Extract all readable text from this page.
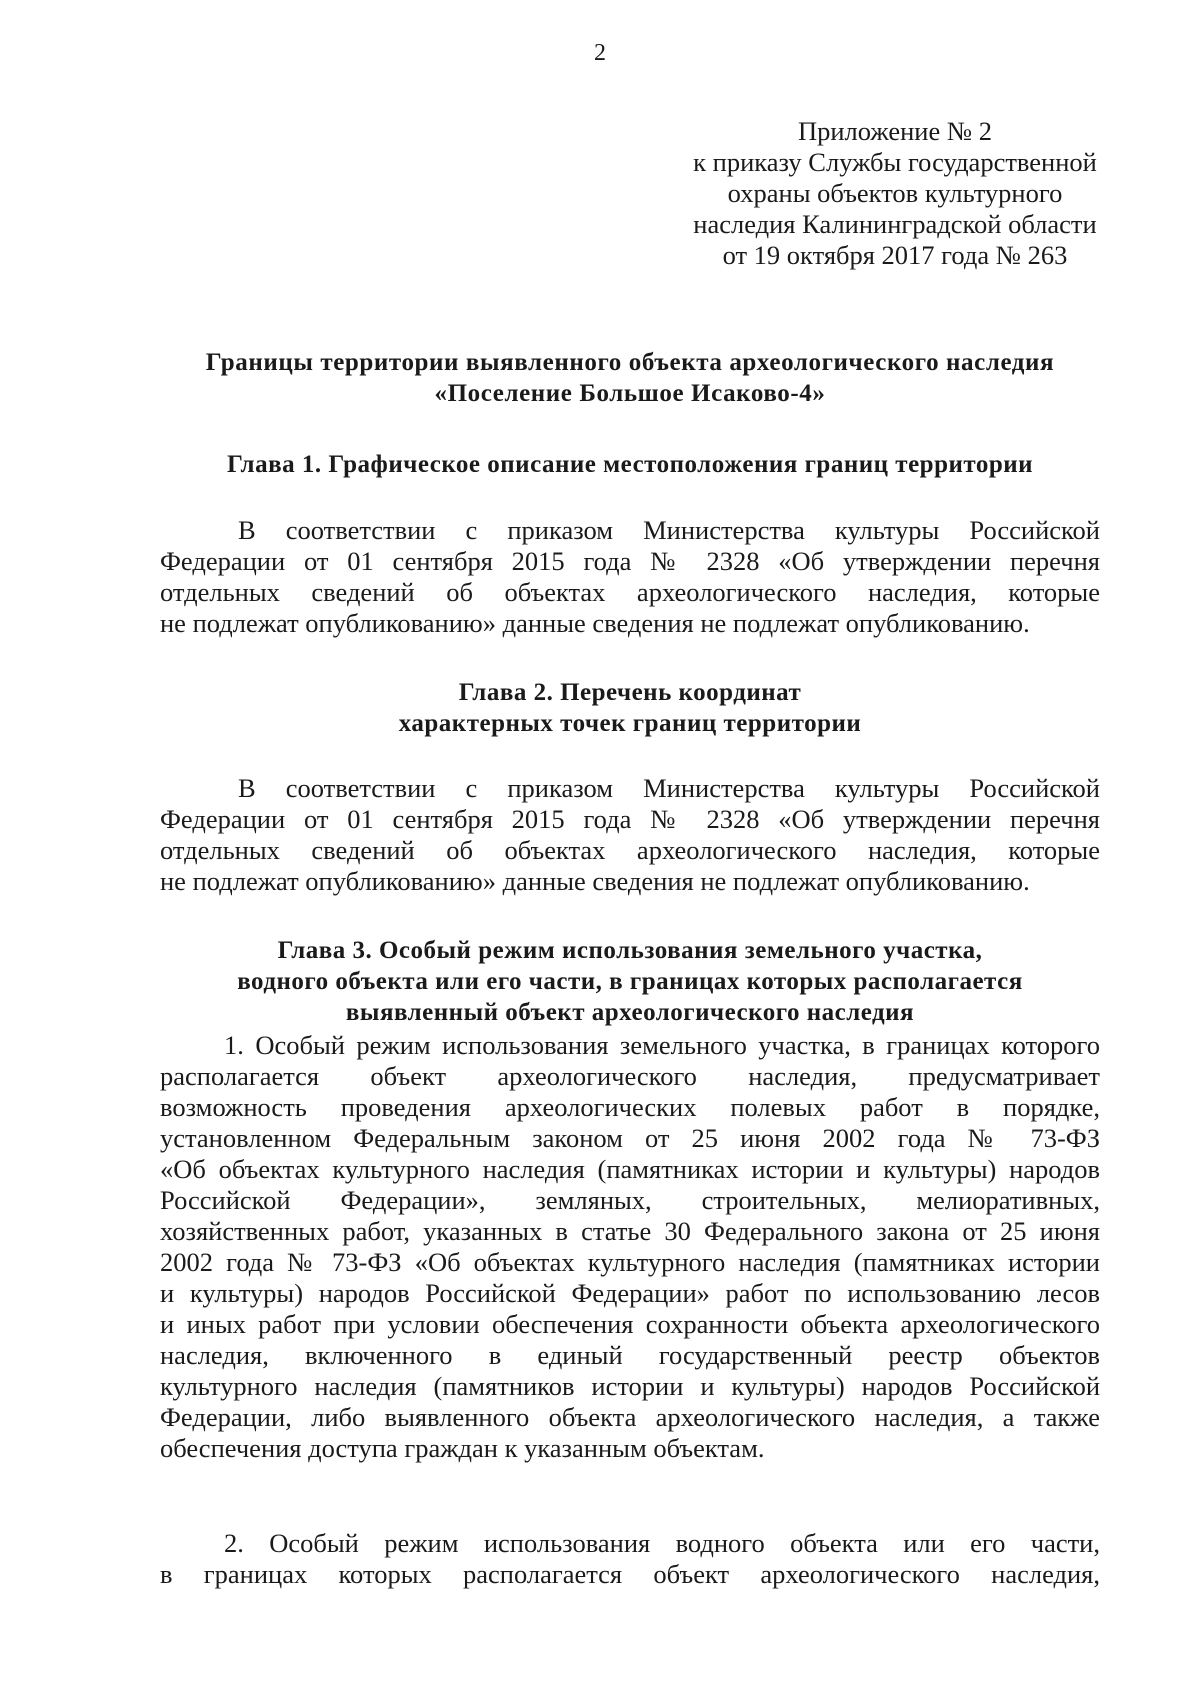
2
Приложение № 2
к приказу Службы государственной
охраны объектов культурного
наследия Калининградской области
от 19 октября 2017 года № 263
Границы территории выявленного объекта археологического наследия
«Поселение Большое Исаково-4»
Глава 1. Графическое описание местоположения границ территории
В соответствии с приказом Министерства культуры Российской
Федерации от 01 сентября 2015 года № 2328 «Об утверждении перечня
отдельных сведений об объектах археологического наследия, которые
не подлежат опубликованию» данные сведения не подлежат опубликованию.
Глава 2. Перечень координат
характерных точек границ территории
В соответствии с приказом Министерства культуры Российской
Федерации от 01 сентября 2015 года № 2328 «Об утверждении перечня
отдельных сведений об объектах археологического наследия, которые
не подлежат опубликованию» данные сведения не подлежат опубликованию.
Глава 3. Особый режим использования земельного участка,
водного объекта или его части, в границах которых располагается
выявленный объект археологического наследия
1. Особый режим использования земельного участка, в границах которого
располагается объект археологического наследия, предусматривает
возможность проведения археологических полевых работ в порядке,
установленном Федеральным законом от 25 июня 2002 года № 73-ФЗ
«Об объектах культурного наследия (памятниках истории и культуры) народов
Российской Федерации», земляных, строительных, мелиоративных,
хозяйственных работ, указанных в статье 30 Федерального закона от 25 июня
2002 года № 73-ФЗ «Об объектах культурного наследия (памятниках истории
и культуры) народов Российской Федерации» работ по использованию лесов
и иных работ при условии обеспечения сохранности объекта археологического
наследия, включенного в единый государственный реестр объектов
культурного наследия (памятников истории и культуры) народов Российской
Федерации, либо выявленного объекта археологического наследия, а также
обеспечения доступа граждан к указанным объектам.
2. Особый режим использования водного объекта или его части,
в границах которых располагается объект археологического наследия,
